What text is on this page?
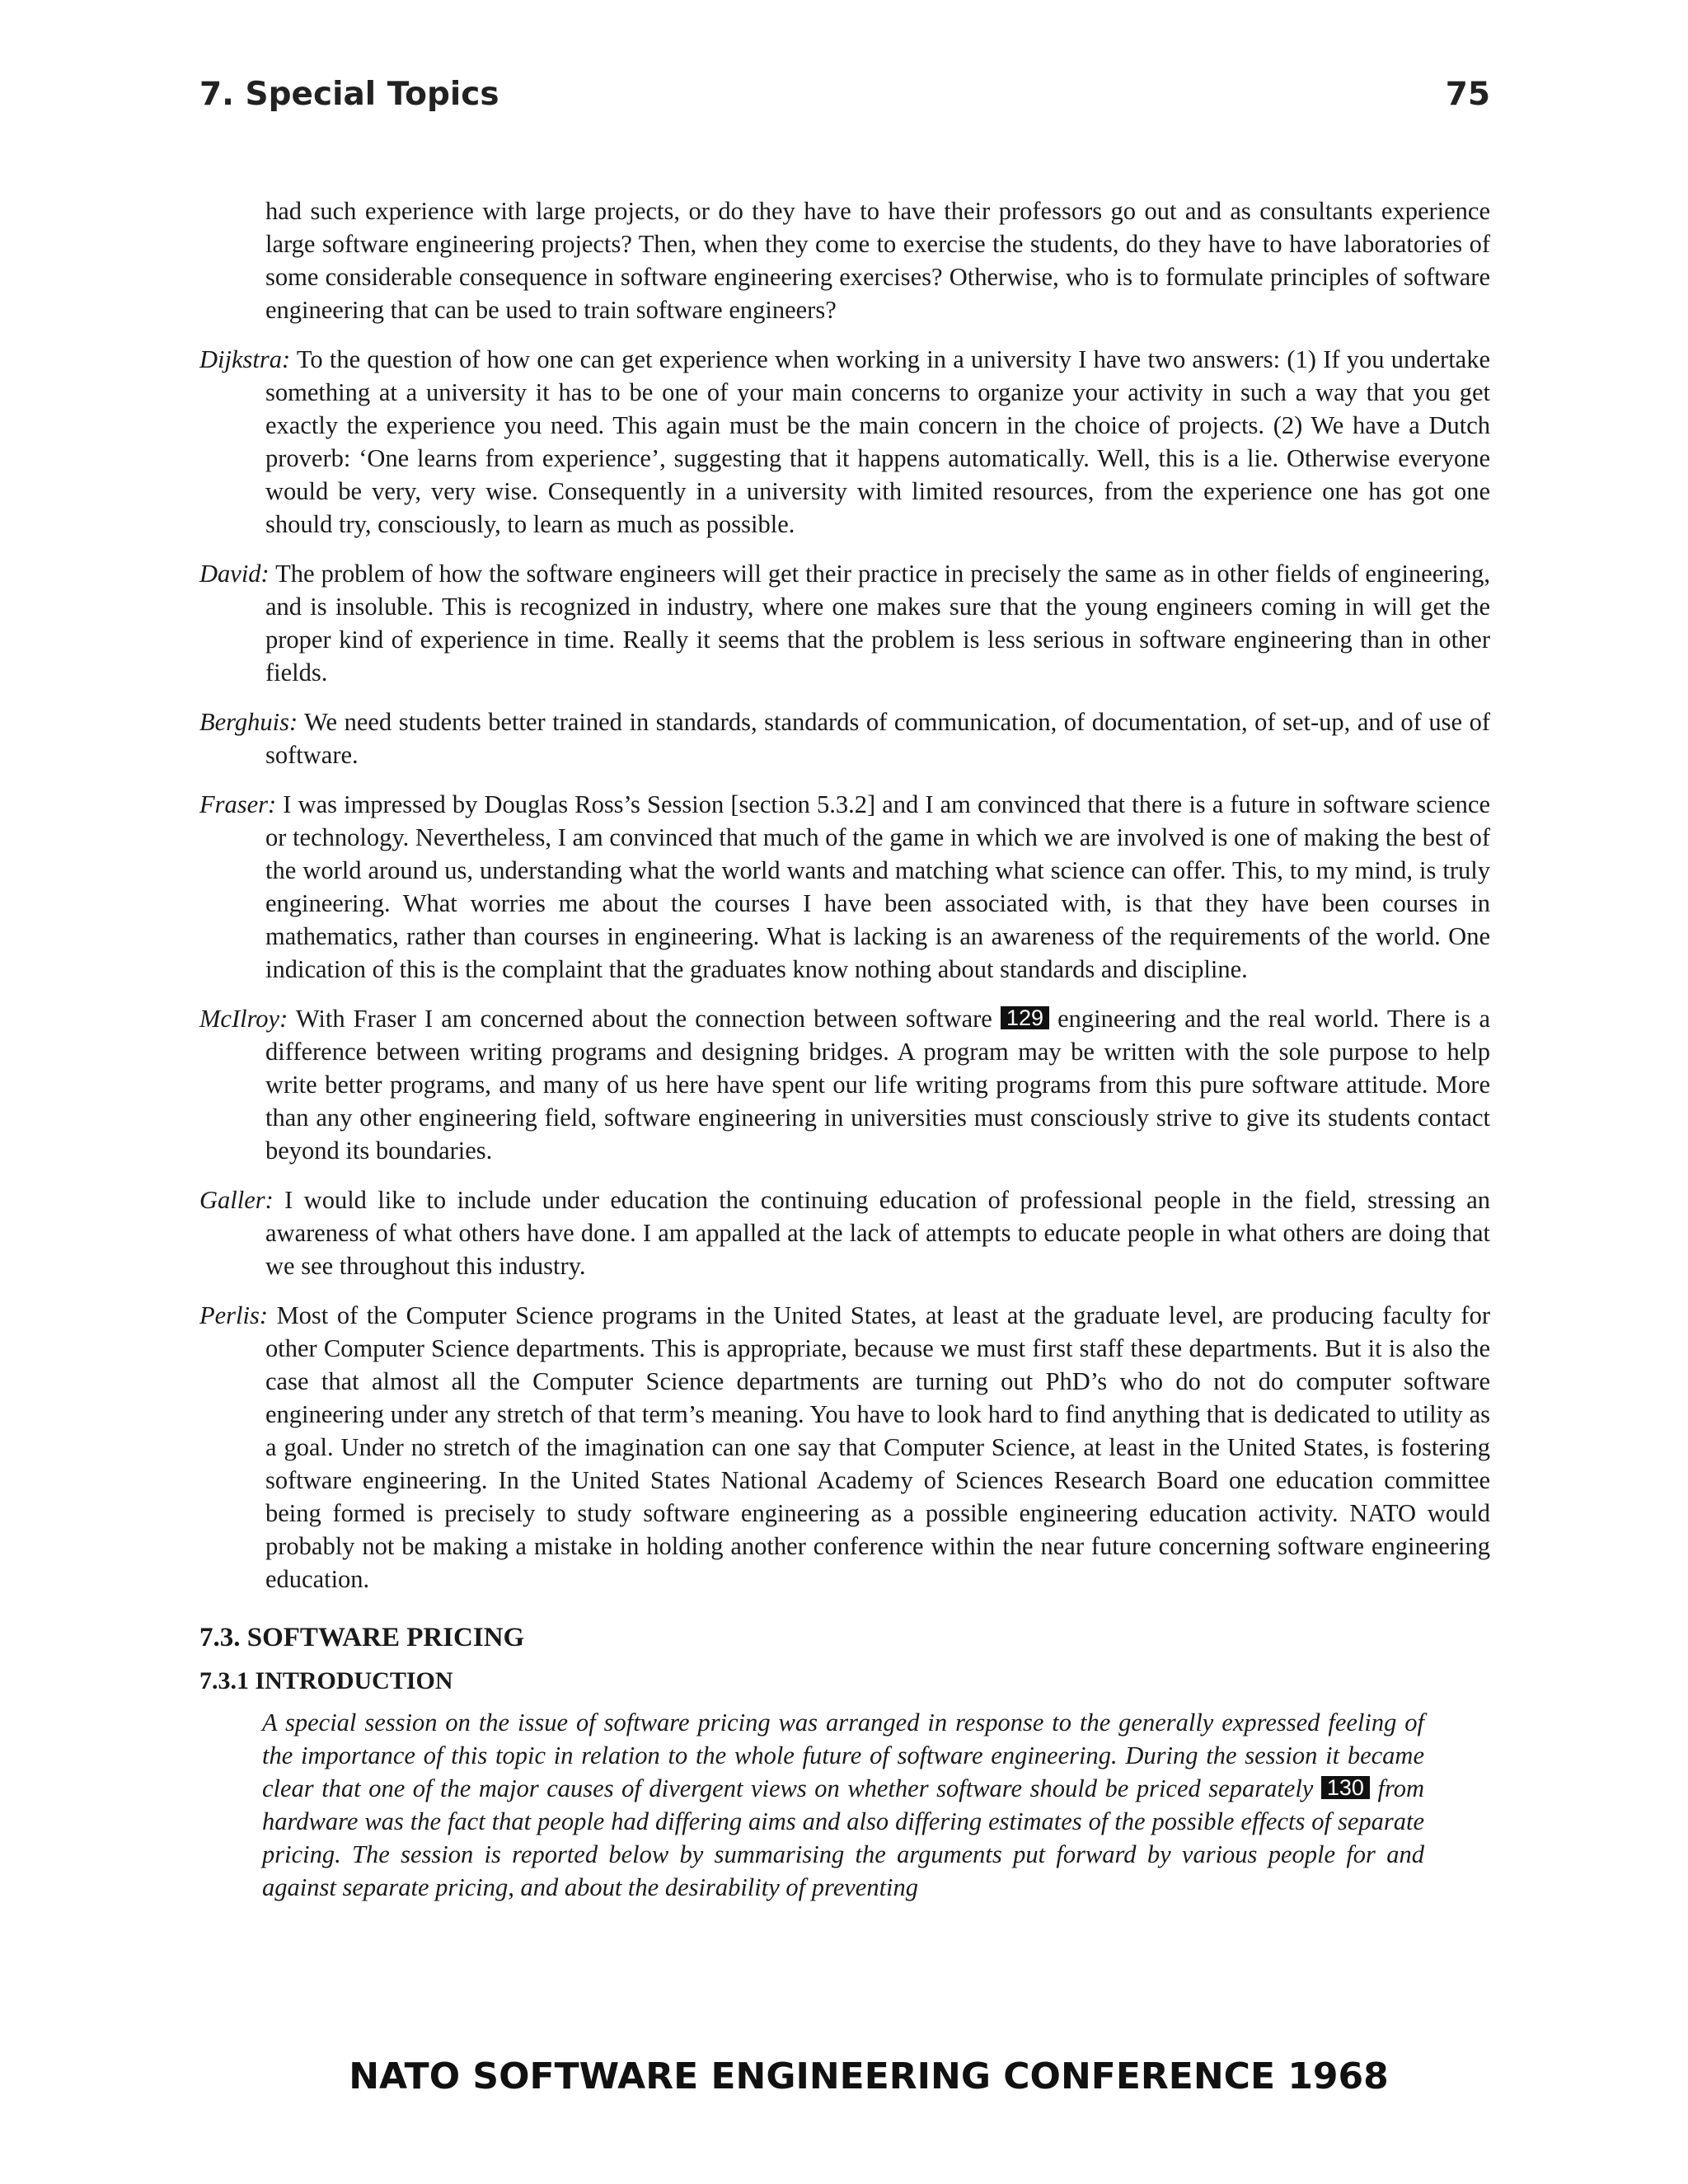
7. Special Topics	75

had such experience with large projects, or do they have to have their professors go out and as consultants experience large software engineering projects? Then, when they come to exercise the students, do they have to have laboratories of some considerable consequence in software engineering exercises? Otherwise, who is to formulate principles of software engineering that can be used to train software engineers?

Dijkstra: To the question of how one can get experience when working in a university I have two answers: (1) If you undertake something at a university it has to be one of your main concerns to organize your activity in such a way that you get exactly the experience you need. This again must be the main concern in the choice of projects. (2) We have a Dutch proverb: ‘One learns from experience’, suggesting that it happens automatically. Well, this is a lie. Otherwise everyone would be very, very wise. Consequently in a university with limited resources, from the experience one has got one should try, consciously, to learn as much as possible.

David: The problem of how the software engineers will get their practice in precisely the same as in other fields of engineering, and is insoluble. This is recognized in industry, where one makes sure that the young engineers coming in will get the proper kind of experience in time. Really it seems that the problem is less serious in software engineering than in other fields.

Berghuis: We need students better trained in standards, standards of communication, of documentation, of set-up, and of use of software.

Fraser: I was impressed by Douglas Ross’s Session [section 5.3.2] and I am convinced that there is a future in software science or technology. Nevertheless, I am convinced that much of the game in which we are involved is one of making the best of the world around us, understanding what the world wants and matching what science can offer. This, to my mind, is truly engineering. What worries me about the courses I have been associated with, is that they have been courses in mathematics, rather than courses in engineering. What is lacking is an awareness of the requirements of the world. One indication of this is the complaint that the graduates know nothing about standards and discipline.

McIlroy: With Fraser I am concerned about the connection between software 129 engineering and the real world. There is a difference between writing programs and designing bridges. A program may be written with the sole purpose to help write better programs, and many of us here have spent our life writing programs from this pure software attitude. More than any other engineering field, software engineering in universities must consciously strive to give its students contact beyond its boundaries.

Galler: I would like to include under education the continuing education of professional people in the field, stressing an awareness of what others have done. I am appalled at the lack of attempts to educate people in what others are doing that we see throughout this industry.

Perlis: Most of the Computer Science programs in the United States, at least at the graduate level, are producing faculty for other Computer Science departments. This is appropriate, because we must first staff these departments. But it is also the case that almost all the Computer Science departments are turning out PhD’s who do not do computer software engineering under any stretch of that term’s meaning. You have to look hard to find anything that is dedicated to utility as a goal. Under no stretch of the imagination can one say that Computer Science, at least in the United States, is fostering software engineering. In the United States National Academy of Sciences Research Board one education committee being formed is precisely to study software engineering as a possible engineering education activity. NATO would probably not be making a mistake in holding another conference within the near future concerning software engineering education.

7.3. SOFTWARE PRICING
7.3.1 INTRODUCTION

A special session on the issue of software pricing was arranged in response to the generally expressed feeling of the importance of this topic in relation to the whole future of software engineering. During the session it became clear that one of the major causes of divergent views on whether software should be priced separately 130 from hardware was the fact that people had differing aims and also differing estimates of the possible effects of separate pricing. The session is reported below by summarising the arguments put forward by various people for and against separate pricing, and about the desirability of preventing

NATO SOFTWARE ENGINEERING CONFERENCE 1968
